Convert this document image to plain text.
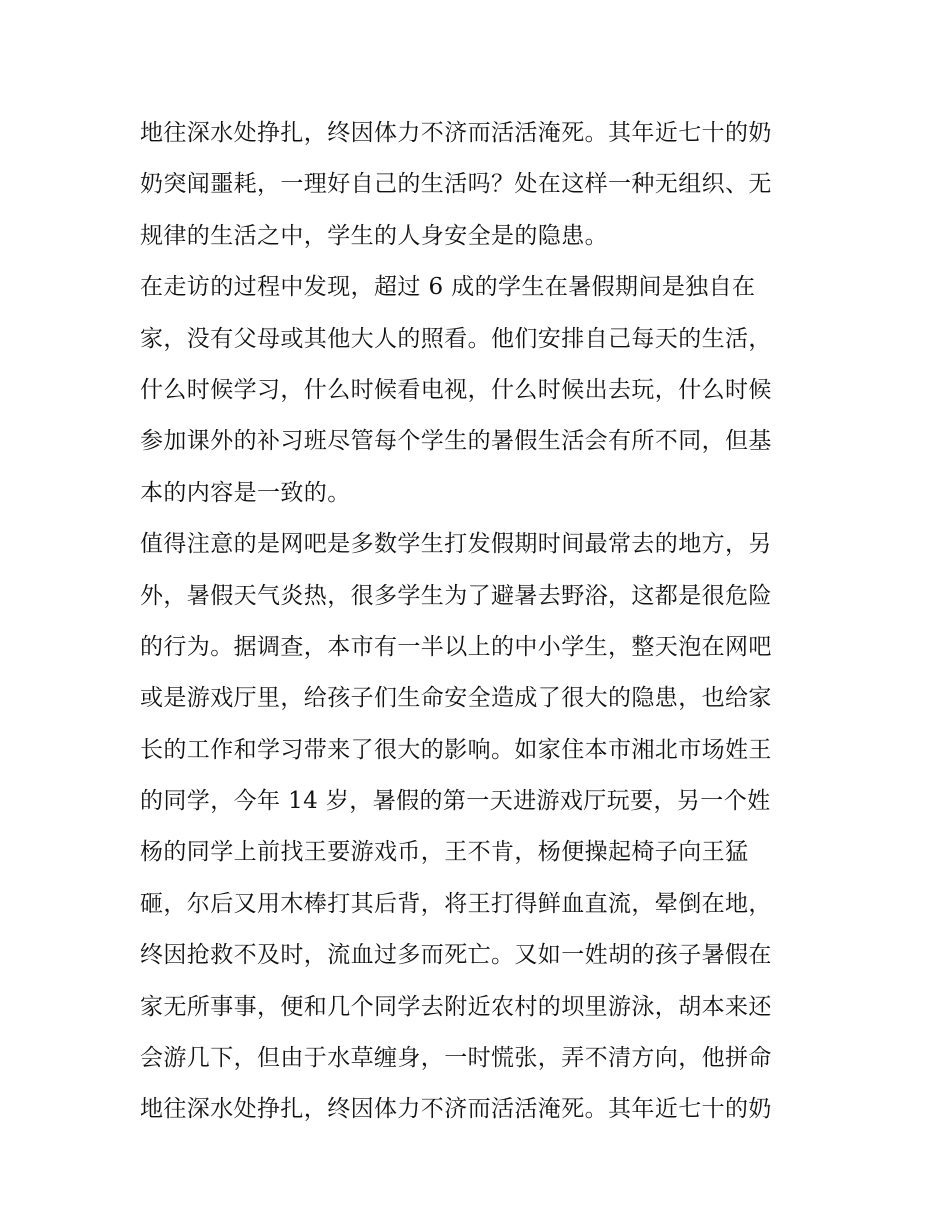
地往深水处挣扎，终因体力不济而活活淹死。其年近七十的奶
奶突闻噩耗，一理好自己的生活吗？处在这样一种无组织、无
规律的生活之中，学生的人身安全是的隐患。
在走访的过程中发现，超过 6 成的学生在暑假期间是独自在
家，没有父母或其他大人的照看。他们安排自己每天的生活，
什么时候学习，什么时候看电视，什么时候出去玩，什么时候
参加课外的补习班尽管每个学生的暑假生活会有所不同，但基
本的内容是一致的。
值得注意的是网吧是多数学生打发假期时间最常去的地方，另
外，暑假天气炎热，很多学生为了避暑去野浴，这都是很危险
的行为。据调查，本市有一半以上的中小学生，整天泡在网吧
或是游戏厅里，给孩子们生命安全造成了很大的隐患，也给家
长的工作和学习带来了很大的影响。如家住本市湘北市场姓王
的同学，今年 14 岁，暑假的第一天进游戏厅玩要，另一个姓
杨的同学上前找王要游戏币，王不肯，杨便操起椅子向王猛
砸，尔后又用木棒打其后背，将王打得鲜血直流，晕倒在地，
终因抢救不及时，流血过多而死亡。又如一姓胡的孩子暑假在
家无所事事，便和几个同学去附近农村的坝里游泳，胡本来还
会游几下，但由于水草缠身，一时慌张，弄不清方向，他拼命
地往深水处挣扎，终因体力不济而活活淹死。其年近七十的奶
